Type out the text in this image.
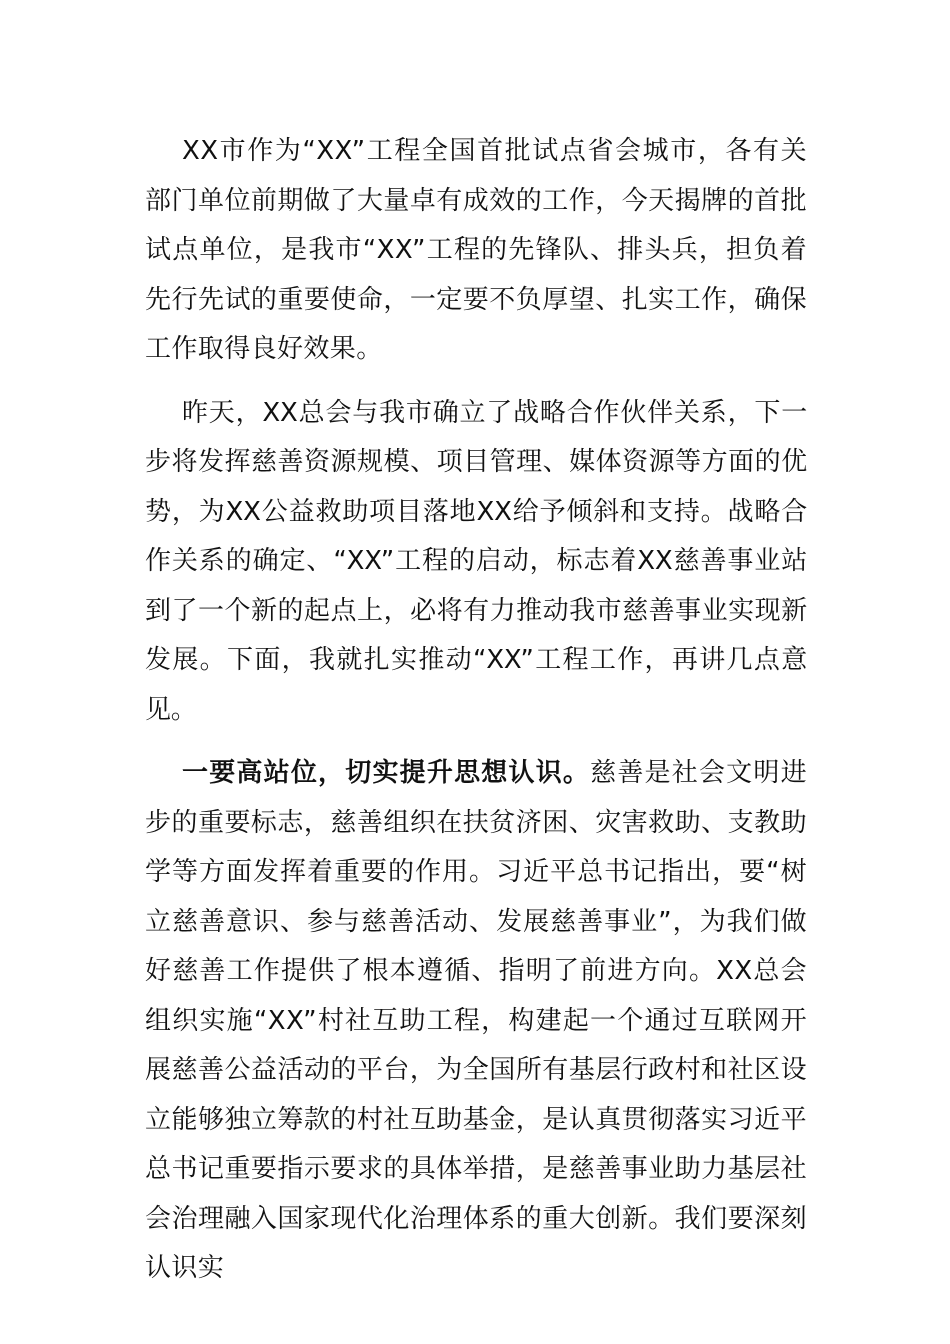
XX市作为“XX”工程全国首批试点省会城市，各有关部门单位前期做了大量卓有成效的工作，今天揭牌的首批试点单位，是我市“XX”工程的先锋队、排头兵，担负着先行先试的重要使命，一定要不负厚望、扎实工作，确保工作取得良好效果。

昨天，XX总会与我市确立了战略合作伙伴关系，下一步将发挥慈善资源规模、项目管理、媒体资源等方面的优势，为XX公益救助项目落地XX给予倾斜和支持。战略合作关系的确定、“XX”工程的启动，标志着XX慈善事业站到了一个新的起点上，必将有力推动我市慈善事业实现新发展。下面，我就扎实推动“XX”工程工作，再讲几点意见。

一要高站位，切实提升思想认识。慈善是社会文明进步的重要标志，慈善组织在扶贫济困、灾害救助、支教助学等方面发挥着重要的作用。习近平总书记指出，要“树立慈善意识、参与慈善活动、发展慈善事业”，为我们做好慈善工作提供了根本遵循、指明了前进方向。XX总会组织实施“XX”村社互助工程，构建起一个通过互联网开展慈善公益活动的平台，为全国所有基层行政村和社区设立能够独立筹款的村社互助基金，是认真贯彻落实习近平总书记重要指示要求的具体举措，是慈善事业助力基层社会治理融入国家现代化治理体系的重大创新。我们要深刻认识实
